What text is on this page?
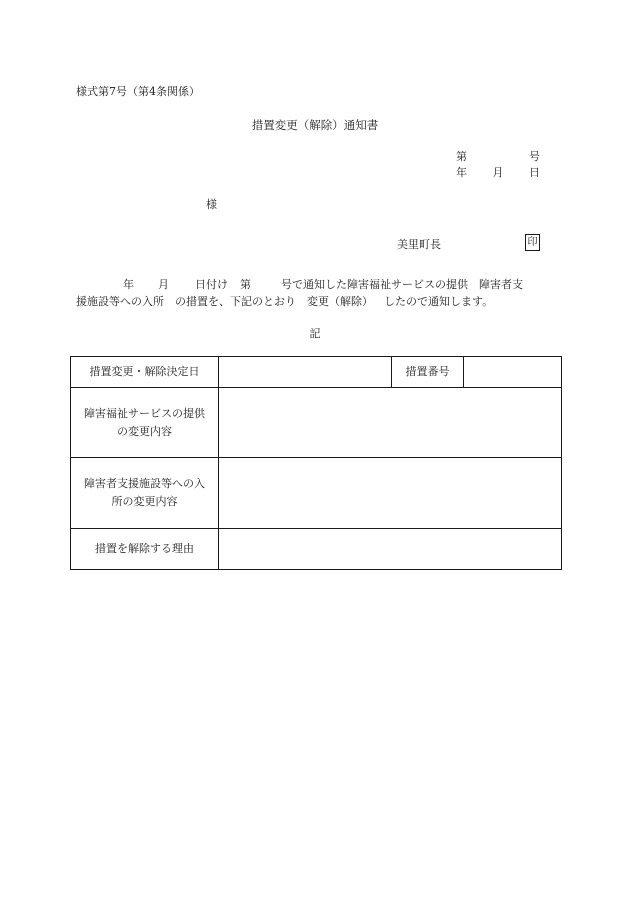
様式第7号（第4条関係）
措置変更（解除）通知書
第	号
年 月 日
様
美里町長	印
年 月 日付け 第	号で通知した障害福祉サービスの提供　障害者支
援施設等への入所 の措置を、下記のとおり 変更（解除） したので通知します。
記
措置変更・解除決定日		措置番号	

障害福祉サービスの提供
の変更内容			

障害者支援施設等への入
所の変更内容			

措置を解除する理由			
